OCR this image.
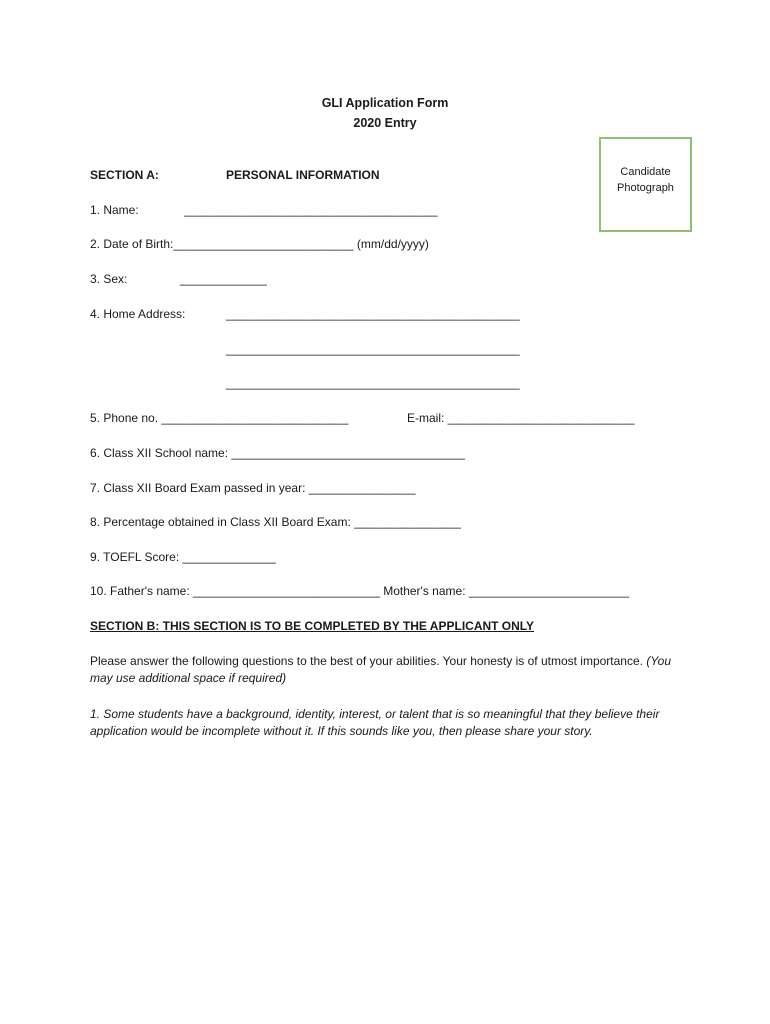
GLI Application Form
2020 Entry
Candidate
Photograph
SECTION A:	PERSONAL INFORMATION
1. Name:	______________________________________
2. Date of Birth:___________________________ (mm/dd/yyyy)
3. Sex:	_____________
4. Home Address:	____________________________________________
____________________________________________
____________________________________________
5. Phone no. ____________________________	E-mail: ____________________________
6. Class XII School name: ___________________________________
7. Class XII Board Exam passed in year: ________________
8. Percentage obtained in Class XII Board Exam: ________________
9. TOEFL Score: ______________
10. Father's name: ____________________________ Mother's name: ________________________
SECTION B: THIS SECTION IS TO BE COMPLETED BY THE APPLICANT ONLY
Please answer the following questions to the best of your abilities. Your honesty is of utmost importance. (You may use additional space if required)
1. Some students have a background, identity, interest, or talent that is so meaningful that they believe their application would be incomplete without it. If this sounds like you, then please share your story.
